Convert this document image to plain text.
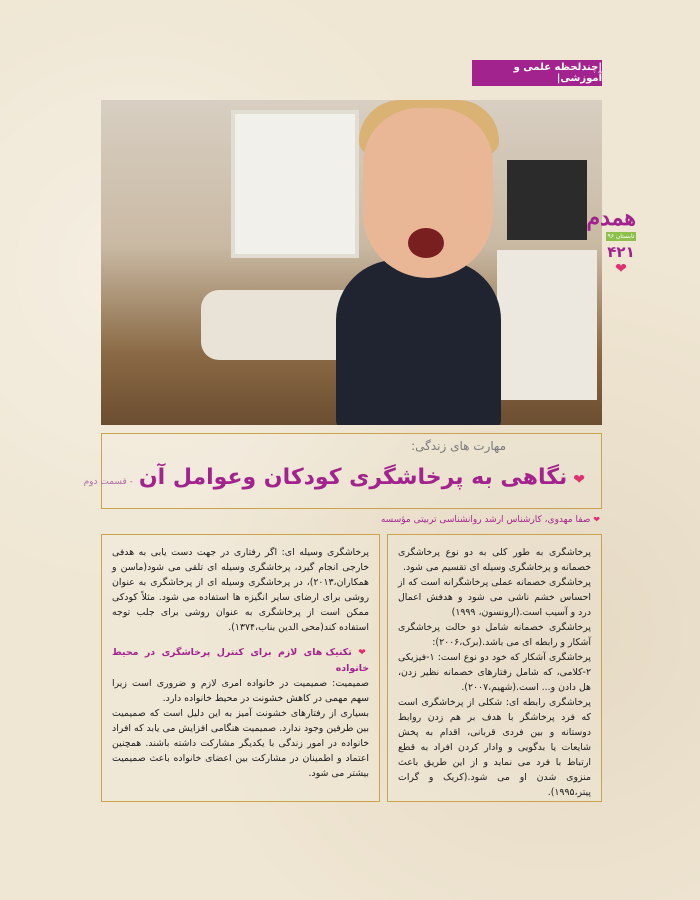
|چندلحظه علمی و آموزشی|
همدم
تابستان ۹۶
۴۲۱
❤
مهارت های زندگی:
❤
نگاهی به پرخاشگری کودکان وعوامل آن
- قسمت دوم
❤ صفا مهدوی، کارشناس ارشد روانشناسی تربیتی مؤسسه

پرخاشگری به طور کلی به دو نوع پرخاشگری خصمانه و پرخاشگری وسیله ای تقسیم می شود.

پرخاشگری خصمانه عملی پرخاشگرانه است که از احساس خشم ناشی می شود و هدفش اعمال درد و آسیب است.(ارونسون، ۱۹۹۹)

پرخاشگری خصمانه شامل دو حالت پرخاشگری آشکار و رابطه ای می باشد.(برک،۲۰۰۶):

پرخاشگری آشکار که خود دو نوع است: ۱-فیزیکی ۲-کلامی، که شامل رفتارهای خصمانه نظیر زدن، هل دادن و... است.(شهیم،۲۰۰۷).

پرخاشگری رابطه ای: شکلی از پرخاشگری است که فرد پرخاشگر با هدف بر هم زدن روابط دوستانه و بین فردی قربانی، اقدام به پخش شایعات یا بدگویی و وادار کردن افراد به قطع ارتباط با فرد می نماید و از این طریق باعث منزوی شدن او می شود.(کریک و گرات پیتر،۱۹۹۵).

پرخاشگری وسیله ای: اگر رفتاری در جهت دست یابی به هدفی خارجی انجام گیرد، پرخاشگری وسیله ای تلقی می شود(ماسن و همکاران،۲۰۱۳)، در پرخاشگری وسیله ای از پرخاشگری به عنوان روشی برای ارضای سایر انگیزه ها استفاده می شود. مثلاً کودکی ممکن است از پرخاشگری به عنوان روشی برای جلب توجه استفاده کند(محی الدین بناب،۱۳۷۴).

❤ تکنیک های لازم برای کنترل پرخاشگری در محیط خانواده

صمیمیت: صمیمیت در خانواده امری لازم و ضروری است زیرا سهم مهمی در کاهش خشونت در محیط خانواده دارد.

بسیاری از رفتارهای خشونت آمیز به این دلیل است که صمیمیت بین طرفین وجود ندارد. صمیمیت هنگامی افزایش می یابد که افراد خانواده در امور زندگی با یکدیگر مشارکت داشته باشند. همچنین اعتماد و اطمینان در مشارکت بین اعضای خانواده باعث صمیمیت بیشتر می شود.
